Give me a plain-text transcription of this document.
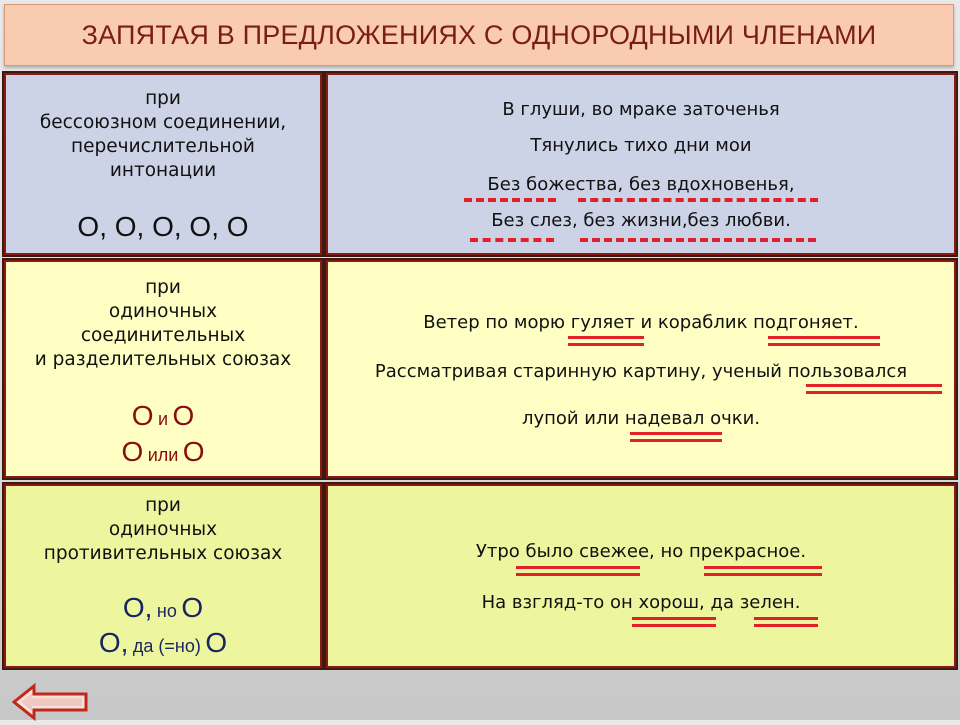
ЗАПЯТАЯ В ПРЕДЛОЖЕНИЯХ С ОДНОРОДНЫМИ ЧЛЕНАМИ
при
бессоюзном соединении,
перечислительной
интонации
О, О, О, О, О
В глуши, во мраке заточенья
Тянулись тихо дни мои
Без божества, без вдохновенья,
Без слез, без жизни,без любви.
при
одиночных
соединительных
и разделительных союзах
О и О
О или О
Ветер по морю гуляет и кораблик подгоняет.
Рассматривая старинную картину, ученый пользовался
лупой или надевал очки.
при
одиночных
противительных союзах
О, но О
О, да (=но) О
Утро было свежее, но прекрасное.
На взгляд-то он хорош, да зелен.
